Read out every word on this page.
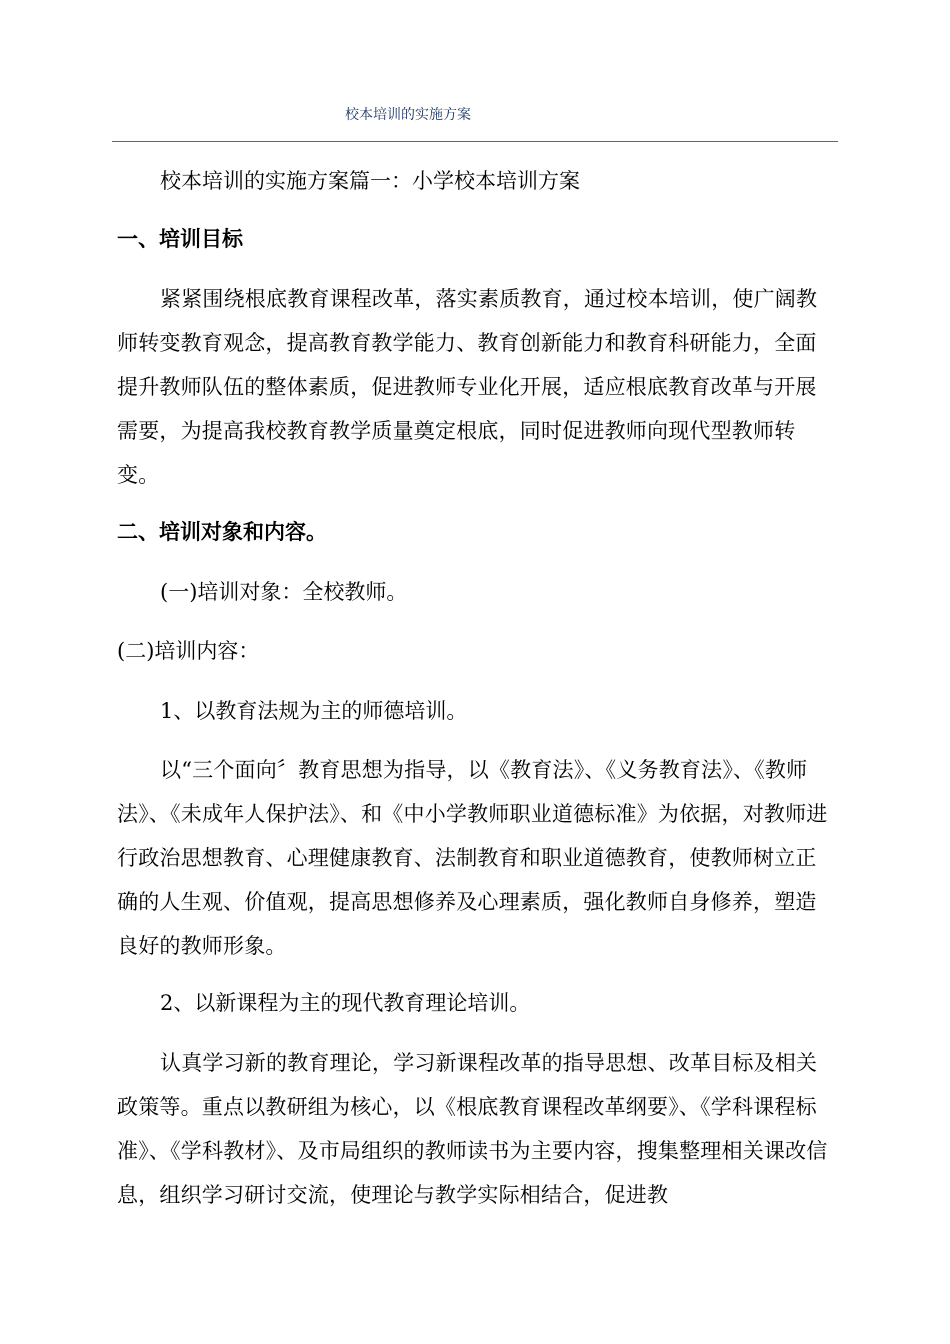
校本培训的实施方案

校本培训的实施方案篇一：小学校本培训方案

一、培训目标

紧紧围绕根底教育课程改革，落实素质教育，通过校本培训，使广阔教师转变教育观念，提高教育教学能力、教育创新能力和教育科研能力，全面提升教师队伍的整体素质，促进教师专业化开展，适应根底教育改革与开展需要，为提高我校教育教学质量奠定根底，同时促进教师向现代型教师转变。

二、培训对象和内容。

(一)培训对象：全校教师。

(二)培训内容：

1、以教育法规为主的师德培训。

以“三个面向〞教育思想为指导，以《教育法》、《义务教育法》、《教师法》、《未成年人保护法》、和《中小学教师职业道德标准》为依据，对教师进行政治思想教育、心理健康教育、法制教育和职业道德教育，使教师树立正确的人生观、价值观，提高思想修养及心理素质，强化教师自身修养，塑造良好的教师形象。

2、以新课程为主的现代教育理论培训。

认真学习新的教育理论，学习新课程改革的指导思想、改革目标及相关政策等。重点以教研组为核心，以《根底教育课程改革纲要》、《学科课程标准》、《学科教材》、及市局组织的教师读书为主要内容，搜集整理相关课改信息，组织学习研讨交流，使理论与教学实际相结合，促进教
